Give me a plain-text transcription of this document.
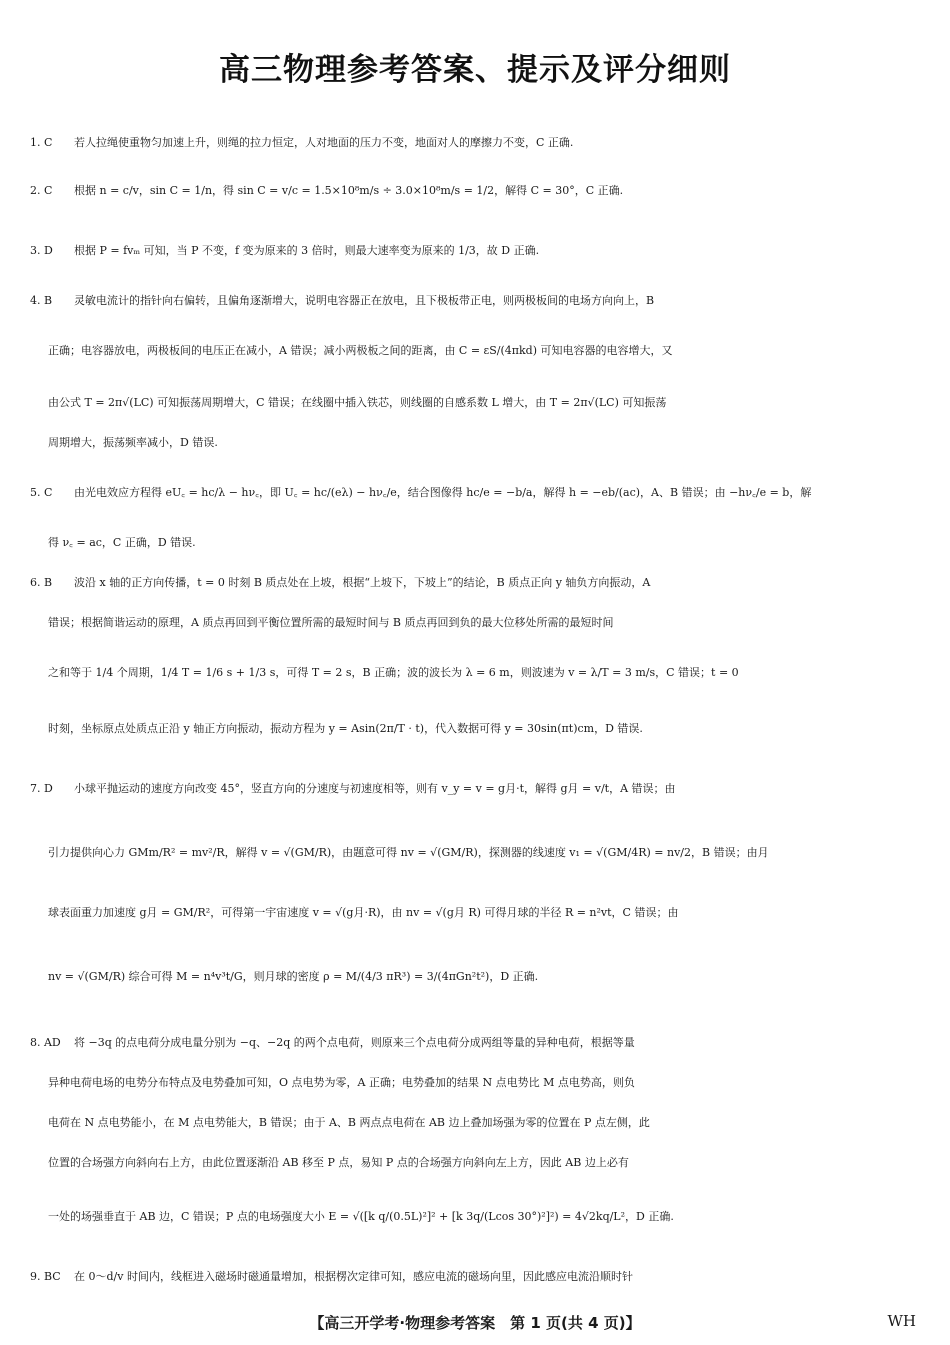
高三物理参考答案、提示及评分细则
1. C 若人拉绳使重物匀加速上升，则绳的拉力恒定，人对地面的压力不变，地面对人的摩擦力不变，C 正确.
2. C 根据 n = c/v，sin C = 1/n，得 sin C = v/c = 1.5×10⁸m/s ÷ 3.0×10⁸m/s = 1/2，解得 C = 30°，C 正确.
3. D 根据 P = fvₘ 可知，当 P 不变，f 变为原来的 3 倍时，则最大速率变为原来的 1/3，故 D 正确.
4. B 灵敏电流计的指针向右偏转，且偏角逐渐增大，说明电容器正在放电，且下极板带正电，则两极板间的电场方向向上，B
正确；电容器放电，两极板间的电压正在减小，A 错误；减小两极板之间的距离，由 C = εS/(4πkd) 可知电容器的电容增大，又
由公式 T = 2π√(LC) 可知振荡周期增大，C 错误；在线圈中插入铁芯，则线圈的自感系数 L 增大，由 T = 2π√(LC) 可知振荡
周期增大，振荡频率减小，D 错误.
5. C 由光电效应方程得 eU꜀ = hc/λ − hν꜀，即 U꜀ = hc/(eλ) − hν꜀/e，结合图像得 hc/e = −b/a，解得 h = −eb/(ac)，A、B 错误；由 −hν꜀/e = b，解
得 ν꜀ = ac，C 正确，D 错误.
6. B 波沿 x 轴的正方向传播，t = 0 时刻 B 质点处在上坡，根据“上坡下，下坡上”的结论，B 质点正向 y 轴负方向振动，A
错误；根据简谐运动的原理，A 质点再回到平衡位置所需的最短时间与 B 质点再回到负的最大位移处所需的最短时间
之和等于 1/4 个周期，1/4 T = 1/6 s + 1/3 s，可得 T = 2 s，B 正确；波的波长为 λ = 6 m，则波速为 v = λ/T = 3 m/s，C 错误；t = 0
时刻，坐标原点处质点正沿 y 轴正方向振动，振动方程为 y = Asin(2π/T · t)，代入数据可得 y = 30sin(πt)cm，D 错误.
7. D 小球平抛运动的速度方向改变 45°，竖直方向的分速度与初速度相等，则有 v_y = v = g月·t，解得 g月 = v/t，A 错误；由
引力提供向心力 GMm/R² = mv²/R，解得 v = √(GM/R)，由题意可得 nv = √(GM/R)，探测器的线速度 v₁ = √(GM/4R) = nv/2，B 错误；由月
球表面重力加速度 g月 = GM/R²，可得第一宇宙速度 v = √(g月·R)，由 nv = √(g月 R) 可得月球的半径 R = n²vt，C 错误；由
nv = √(GM/R) 综合可得 M = n⁴v³t/G，则月球的密度 ρ = M/(4/3 πR³) = 3/(4πGn²t²)，D 正确.
8. AD 将 −3q 的点电荷分成电量分别为 −q、−2q 的两个点电荷，则原来三个点电荷分成两组等量的异种电荷，根据等量
异种电荷电场的电势分布特点及电势叠加可知，O 点电势为零，A 正确；电势叠加的结果 N 点电势比 M 点电势高，则负
电荷在 N 点电势能小，在 M 点电势能大，B 错误；由于 A、B 两点点电荷在 AB 边上叠加场强为零的位置在 P 点左侧，此
位置的合场强方向斜向右上方，由此位置逐渐沿 AB 移至 P 点，易知 P 点的合场强方向斜向左上方，因此 AB 边上必有
一处的场强垂直于 AB 边，C 错误；P 点的电场强度大小 E = √([k q/(0.5L)²]² + [k 3q/(Lcos 30°)²]²) = 4√2kq/L²，D 正确.
9. BC 在 0～d/v 时间内，线框进入磁场时磁通量增加，根据楞次定律可知，感应电流的磁场向里，因此感应电流沿顺时针
【高三开学考·物理参考答案　第 1 页(共 4 页)】	WH
